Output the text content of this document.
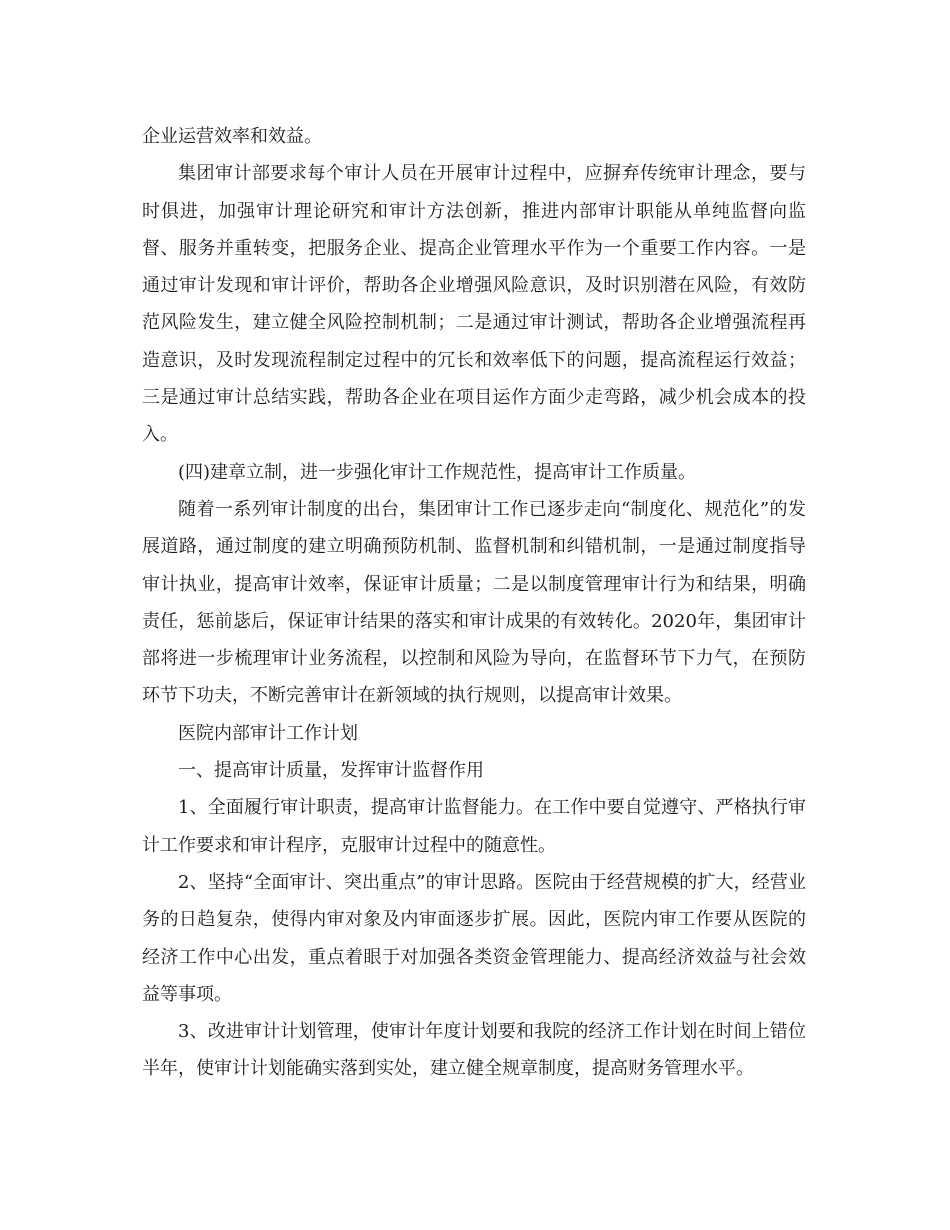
企业运营效率和效益。

集团审计部要求每个审计人员在开展审计过程中，应摒弃传统审计理念，要与时俱进，加强审计理论研究和审计方法创新，推进内部审计职能从单纯监督向监督、服务并重转变，把服务企业、提高企业管理水平作为一个重要工作内容。一是通过审计发现和审计评价，帮助各企业增强风险意识，及时识别潜在风险，有效防范风险发生，建立健全风险控制机制；二是通过审计测试，帮助各企业增强流程再造意识，及时发现流程制定过程中的冗长和效率低下的问题，提高流程运行效益；三是通过审计总结实践，帮助各企业在项目运作方面少走弯路，减少机会成本的投入。

(四)建章立制，进一步强化审计工作规范性，提高审计工作质量。

随着一系列审计制度的出台，集团审计工作已逐步走向“制度化、规范化”的发展道路，通过制度的建立明确预防机制、监督机制和纠错机制，一是通过制度指导审计执业，提高审计效率，保证审计质量；二是以制度管理审计行为和结果，明确责任，惩前毖后，保证审计结果的落实和审计成果的有效转化。2020年，集团审计部将进一步梳理审计业务流程，以控制和风险为导向，在监督环节下力气，在预防环节下功夫，不断完善审计在新领域的执行规则，以提高审计效果。

医院内部审计工作计划

一、提高审计质量，发挥审计监督作用

1、全面履行审计职责，提高审计监督能力。在工作中要自觉遵守、严格执行审计工作要求和审计程序，克服审计过程中的随意性。

2、坚持“全面审计、突出重点”的审计思路。医院由于经营规模的扩大，经营业务的日趋复杂，使得内审对象及内审面逐步扩展。因此，医院内审工作要从医院的经济工作中心出发，重点着眼于对加强各类资金管理能力、提高经济效益与社会效益等事项。

3、改进审计计划管理，使审计年度计划要和我院的经济工作计划在时间上错位半年，使审计计划能确实落到实处，建立健全规章制度，提高财务管理水平。
